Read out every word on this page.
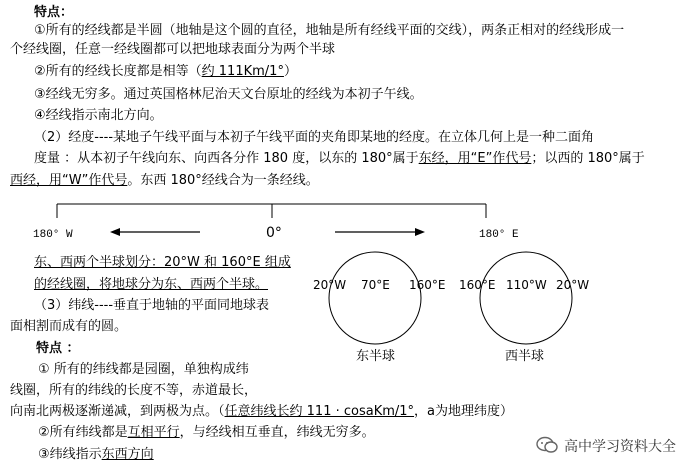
特点：
①所有的经线都是半圆（地轴是这个圆的直径，地轴是所有经线平面的交线），两条正相对的经线形成一
个经线圈，任意一经线圈都可以把地球表面分为两个半球
②所有的经线长度都是相等（约 111Km/1°）
③经线无穷多。通过英国格林尼治天文台原址的经线为本初子午线。
④经线指示南北方向。
（2）经度----某地子午线平面与本初子午线平面的夹角即某地的经度。在立体几何上是一种二面角
度量 ：从本初子午线向东、向西各分作 180 度，以东的 180°属于东经，用“E”作代号；以西的 180°属于
西经，用“W”作代号。东西 180°经线合为一条经线。
180° W	0°	180° E
东、西两个半球划分：20°W 和 160°E 组成
的经线圈，将地球分为东、西两个半球。
（3）纬线----垂直于地轴的平面同地球表
面相割而成有的圆。
20°W 70°E 160°E
东半球
160°E 110°W 20°W
西半球
特点 ：
① 所有的纬线都是园圈，单独构成纬
线圈，所有的纬线的长度不等，赤道最长，
向南北两极逐渐递减，到两极为点。（任意纬线长约 111 · cosaKm/1°，a为地理纬度）
②所有纬线都是互相平行，与经线相互垂直，纬线无穷多。
③纬线指示东西方向	高中学习资料大全
